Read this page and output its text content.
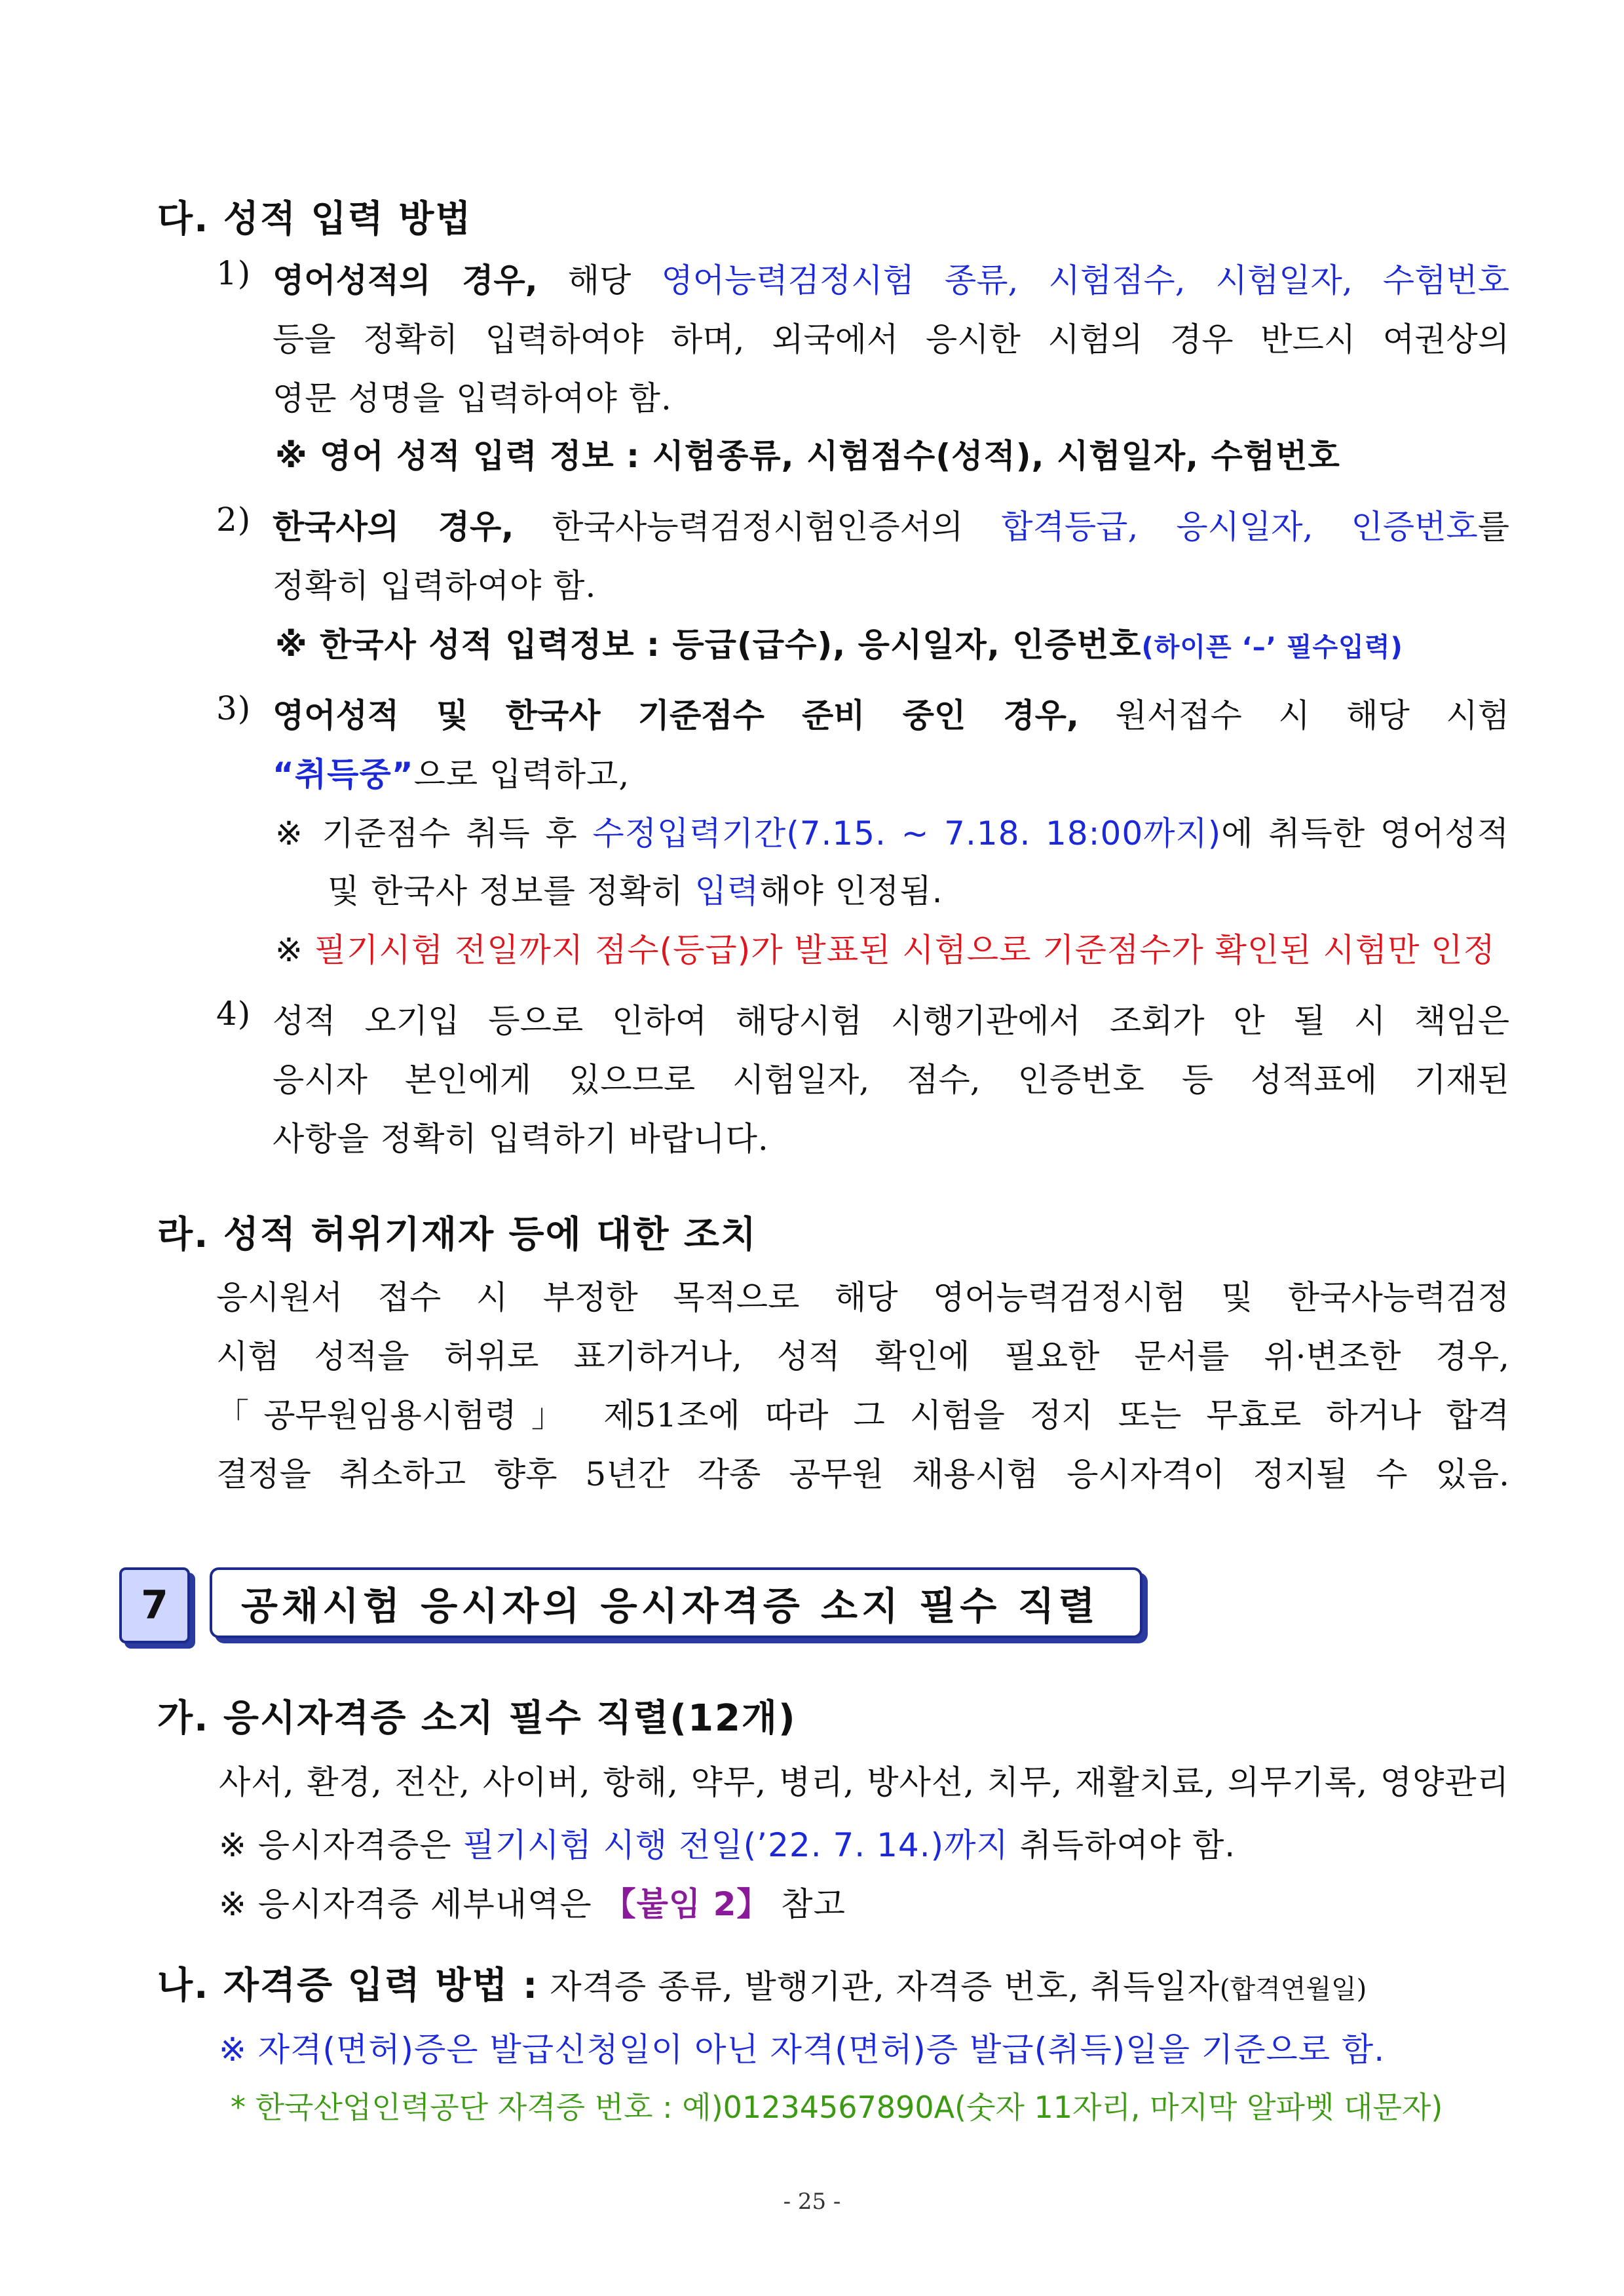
다. 성적 입력 방법
1) 영어성적의 경우, 해당 영어능력검정시험 종류, 시험점수, 시험일자, 수험번호
등을 정확히 입력하여야 하며, 외국에서 응시한 시험의 경우 반드시 여권상의
영문 성명을 입력하여야 함.
※ 영어 성적 입력 정보 : 시험종류, 시험점수(성적), 시험일자, 수험번호
2) 한국사의 경우, 한국사능력검정시험인증서의 합격등급, 응시일자, 인증번호를
정확히 입력하여야 함.
※ 한국사 성적 입력정보 : 등급(급수), 응시일자, 인증번호(하이픈 ‘–’ 필수입력)
3) 영어성적 및 한국사 기준점수 준비 중인 경우, 원서접수 시 해당 시험
“취득중”으로 입력하고,
※ 기준점수 취득 후 수정입력기간(7.15. ~ 7.18. 18:00까지)에 취득한 영어성적
및 한국사 정보를 정확히 입력해야 인정됨.
※ 필기시험 전일까지 점수(등급)가 발표된 시험으로 기준점수가 확인된 시험만 인정
4) 성적 오기입 등으로 인하여 해당시험 시행기관에서 조회가 안 될 시 책임은
응시자 본인에게 있으므로 시험일자, 점수, 인증번호 등 성적표에 기재된
사항을 정확히 입력하기 바랍니다.
라. 성적 허위기재자 등에 대한 조치
응시원서 접수 시 부정한 목적으로 해당 영어능력검정시험 및 한국사능력검정
시험 성적을 허위로 표기하거나, 성적 확인에 필요한 문서를 위·변조한 경우,
「공무원임용시험령」 제51조에 따라 그 시험을 정지 또는 무효로 하거나 합격
결정을 취소하고 향후 5년간 각종 공무원 채용시험 응시자격이 정지될 수 있음.
7	공채시험 응시자의 응시자격증 소지 필수 직렬
가. 응시자격증 소지 필수 직렬(12개)
사서, 환경, 전산, 사이버, 항해, 약무, 병리, 방사선, 치무, 재활치료, 의무기록, 영양관리
※ 응시자격증은 필기시험 시행 전일(’22. 7. 14.)까지 취득하여야 함.
※ 응시자격증 세부내역은 【붙임 2】 참고
나. 자격증 입력 방법 : 자격증 종류, 발행기관, 자격증 번호, 취득일자(합격연월일)
※ 자격(면허)증은 발급신청일이 아닌 자격(면허)증 발급(취득)일을 기준으로 함.
* 한국산업인력공단 자격증 번호 : 예)01234567890A(숫자 11자리, 마지막 알파벳 대문자)
- 25 -
